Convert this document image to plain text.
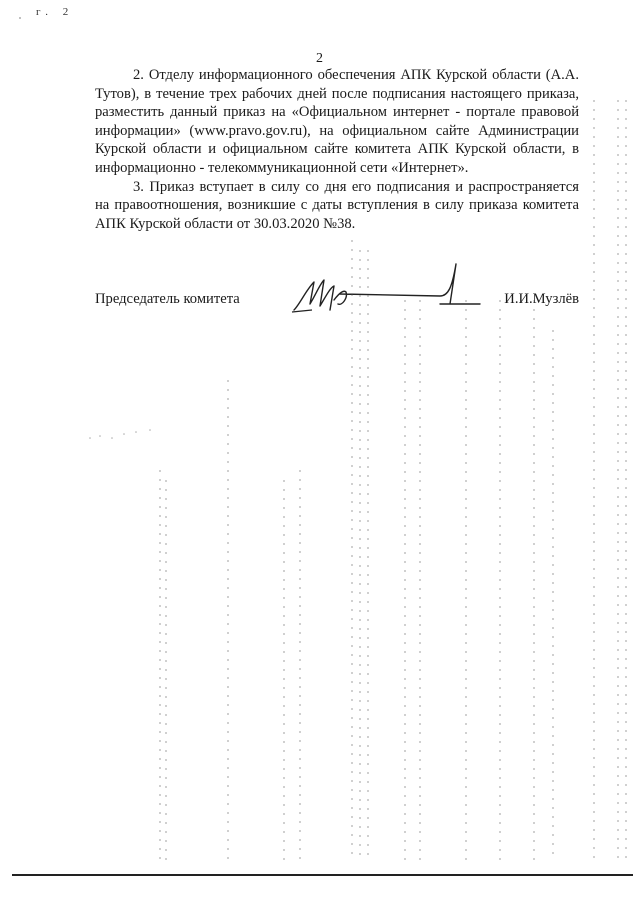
г. 2
2

2. Отделу информационного обеспечения АПК Курской области (А.А. Тутов), в течение трех рабочих дней после подписания настоящего приказа, разместить данный приказ на «Официальном интернет - портале правовой информации» (www.pravo.gov.ru), на официальном сайте Администрации Курской области и официальном сайте комитета АПК Курской области, в информационно - телекоммуникационной сети «Интернет».

3. Приказ вступает в силу со дня его подписания и распространяется на правоотношения, возникшие с даты вступления в силу приказа комитета АПК Курской области от 30.03.2020 №38.

Председатель комитета	И.И.Музлёв
